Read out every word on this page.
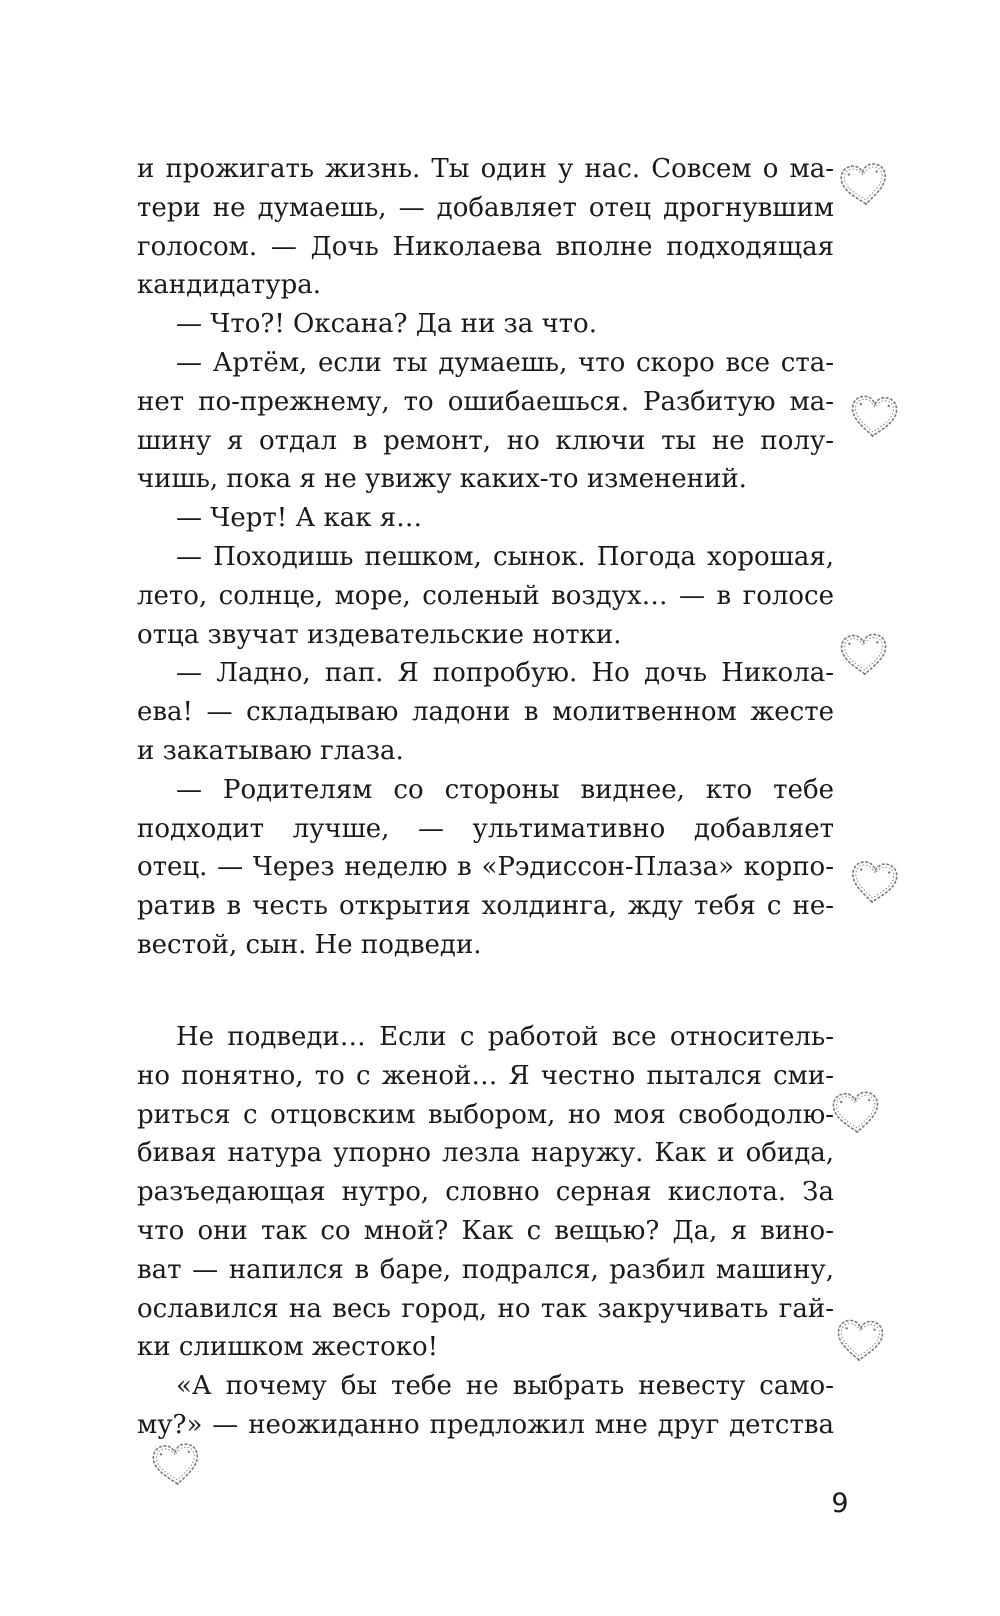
и прожигать жизнь. Ты один у нас. Совсем о ма-
тери не думаешь, — добавляет отец дрогнувшим
голосом. — Дочь Николаева вполне подходящая
кандидатура.
— Что?! Оксана? Да ни за что.
— Артём, если ты думаешь, что скоро все ста-
нет по-прежнему, то ошибаешься. Разбитую ма-
шину я отдал в ремонт, но ключи ты не полу-
чишь, пока я не увижу каких-то изменений.
— Черт! А как я…
— Походишь пешком, сынок. Погода хорошая,
лето, солнце, море, соленый воздух… — в голосе
отца звучат издевательские нотки.
— Ладно, пап. Я попробую. Но дочь Никола-
ева! — складываю ладони в молитвенном жесте
и закатываю глаза.
— Родителям со стороны виднее, кто тебе
подходит лучше, — ультимативно добавляет
отец. — Через неделю в «Рэдиссон-Плаза» корпо-
ратив в честь открытия холдинга, жду тебя с не-
вестой, сын. Не подведи.
Не подведи… Если с работой все относитель-
но понятно, то с женой… Я честно пытался сми-
риться с отцовским выбором, но моя свободолю-
бивая натура упорно лезла наружу. Как и обида,
разъедающая нутро, словно серная кислота. За
что они так со мной? Как с вещью? Да, я вино-
ват — напился в баре, подрался, разбил машину,
ославился на весь город, но так закручивать гай-
ки слишком жестоко!
«А почему бы тебе не выбрать невесту само-
му?» — неожиданно предложил мне друг детства
9
